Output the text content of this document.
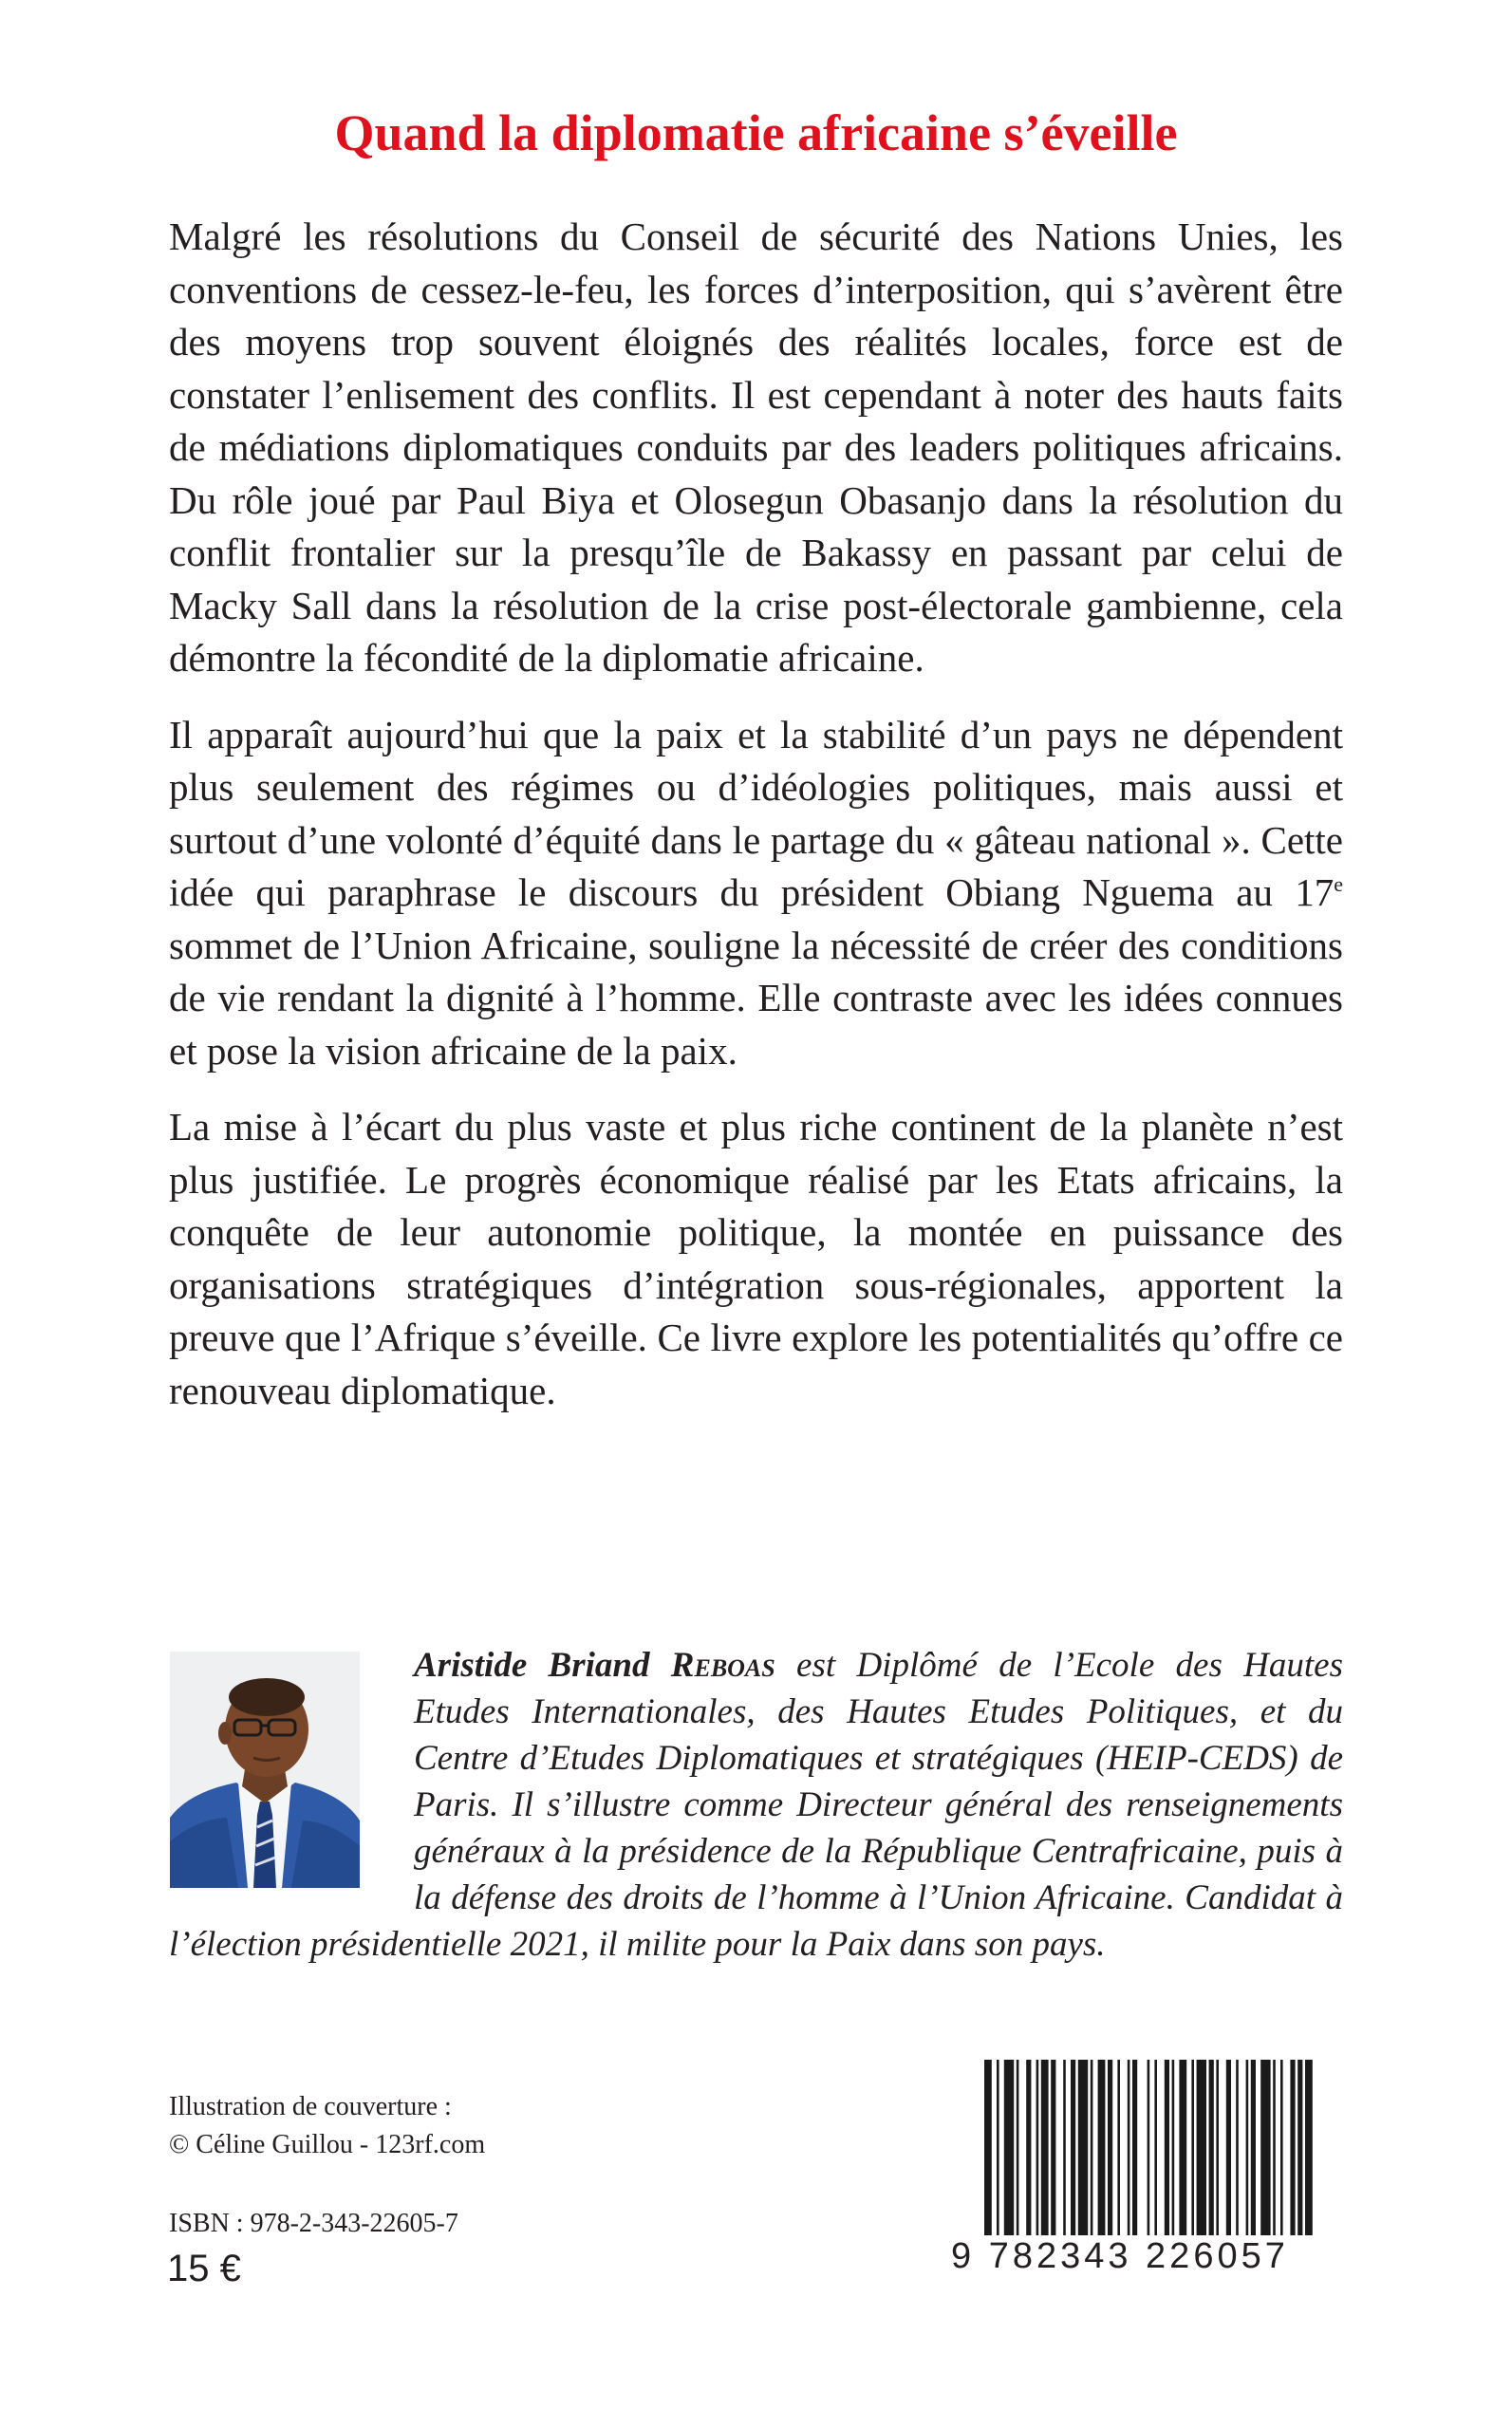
Quand la diplomatie africaine s’éveille

Malgré les résolutions du Conseil de sécurité des Nations Unies, les conventions de cessez-le-feu, les forces d’interposition, qui s’avèrent être des moyens trop souvent éloignés des réalités locales, force est de constater l’enlisement des conflits. Il est cependant à noter des hauts faits de médiations diplomatiques conduits par des leaders politiques africains. Du rôle joué par Paul Biya et Olosegun Obasanjo dans la résolution du conflit frontalier sur la presqu’île de Bakassy en passant par celui de Macky Sall dans la résolution de la crise post-électorale gambienne, cela démontre la fécondité de la diplomatie africaine.

Il apparaît aujourd’hui que la paix et la stabilité d’un pays ne dépendent plus seulement des régimes ou d’idéologies politiques, mais aussi et surtout d’une volonté d’équité dans le partage du « gâteau national ». Cette idée qui paraphrase le discours du président Obiang Nguema au 17e sommet de l’Union Africaine, souligne la nécessité de créer des conditions de vie rendant la dignité à l’homme. Elle contraste avec les idées connues et pose la vision africaine de la paix.

La mise à l’écart du plus vaste et plus riche continent de la planète n’est plus justifiée. Le progrès économique réalisé par les Etats africains, la conquête de leur autonomie politique, la montée en puissance des organisations stratégiques d’intégration sous-régionales, apportent la preuve que l’Afrique s’éveille. Ce livre explore les potentialités qu’offre ce renouveau diplomatique.

Aristide Briand Reboas est Diplômé de l’Ecole des Hautes Etudes Internationales, des Hautes Etudes Politiques, et du Centre d’Etudes Diplomatiques et stratégiques (HEIP-CEDS) de Paris. Il s’illustre comme Directeur général des renseignements généraux à la présidence de la République Centrafricaine, puis à la défense des droits de l’homme à l’Union Africaine. Candidat à l’élection présidentielle 2021, il milite pour la Paix dans son pays.

Illustration de couverture :
© Céline Guillou - 123rf.com
ISBN : 978-2-343-22605-7
15 €	9 782343 226057
